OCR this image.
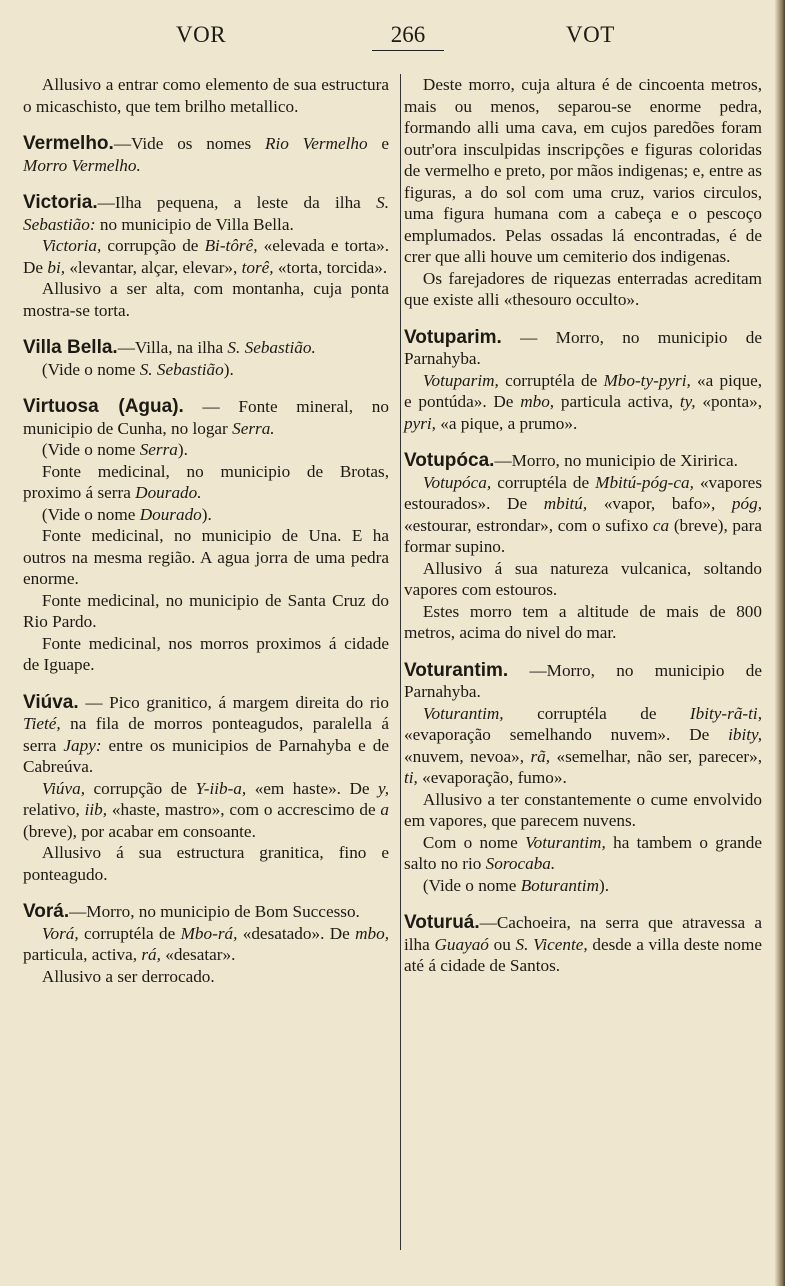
VOR	266	VOT

Allusivo a entrar como elemento de sua estructura o micaschisto, que tem brilho metallico.

Vermelho.—Vide os nomes Rio Vermelho e Morro Vermelho.

Victoria.—Ilha pequena, a leste da ilha S. Sebastião: no municipio de Villa Bella.

Victoria, corrupção de Bi-tôrê, «elevada e torta». De bi, «levantar, alçar, elevar», torê, «torta, torcida».

Allusivo a ser alta, com montanha, cuja ponta mostra-se torta.

Villa Bella.—Villa, na ilha S. Sebastião.

(Vide o nome S. Sebastião).

Virtuosa (Agua). — Fonte mineral, no municipio de Cunha, no logar Serra.

(Vide o nome Serra).

Fonte medicinal, no municipio de Brotas, proximo á serra Dourado.

(Vide o nome Dourado).

Fonte medicinal, no municipio de Una. E ha outros na mesma região. A agua jorra de uma pedra enorme.

Fonte medicinal, no municipio de Santa Cruz do Rio Pardo.

Fonte medicinal, nos morros proximos á cidade de Iguape.

Viúva. — Pico granitico, á margem direita do rio Tieté, na fila de morros ponteagudos, paralella á serra Japy: entre os municipios de Parnahyba e de Cabreúva.

Viúva, corrupção de Y-iib-a, «em haste». De y, relativo, iib, «haste, mastro», com o accrescimo de a (breve), por acabar em consoante.

Allusivo á sua estructura granitica, fino e ponteagudo.

Vorá.—Morro, no municipio de Bom Successo.

Vorá, corruptéla de Mbo-rá, «desatado». De mbo, particula, activa, rá, «desatar».

Allusivo a ser derrocado.

Deste morro, cuja altura é de cincoenta metros, mais ou menos, separou-se enorme pedra, formando alli uma cava, em cujos paredões foram outr'ora insculpidas inscripções e figuras coloridas de vermelho e preto, por mãos indigenas; e, entre as figuras, a do sol com uma cruz, varios circulos, uma figura humana com a cabeça e o pescoço emplumados. Pelas ossadas lá encontradas, é de crer que alli houve um cemiterio dos indigenas.

Os farejadores de riquezas enterradas acreditam que existe alli «thesouro occulto».

Votuparim. — Morro, no municipio de Parnahyba.

Votuparim, corruptéla de Mbo-ty-pyri, «a pique, e pontúda». De mbo, particula activa, ty, «ponta», pyri, «a pique, a prumo».

Votupóca.—Morro, no municipio de Xiririca.

Votupóca, corruptéla de Mbitú-póg-ca, «vapores estourados». De mbitú, «vapor, bafo», póg, «estourar, estrondar», com o sufixo ca (breve), para formar supino.

Allusivo á sua natureza vulcanica, soltando vapores com estouros.

Estes morro tem a altitude de mais de 800 metros, acima do nivel do mar.

Voturantim. —Morro, no municipio de Parnahyba.

Voturantim, corruptéla de Ibity-rã-ti, «evaporação semelhando nuvem». De ibity, «nuvem, nevoa», rã, «semelhar, não ser, parecer», ti, «evaporação, fumo».

Allusivo a ter constantemente o cume envolvido em vapores, que parecem nuvens.

Com o nome Voturantim, ha tambem o grande salto no rio Sorocaba.

(Vide o nome Boturantim).

Voturuá.—Cachoeira, na serra que atravessa a ilha Guayaó ou S. Vicente, desde a villa deste nome até á cidade de Santos.
